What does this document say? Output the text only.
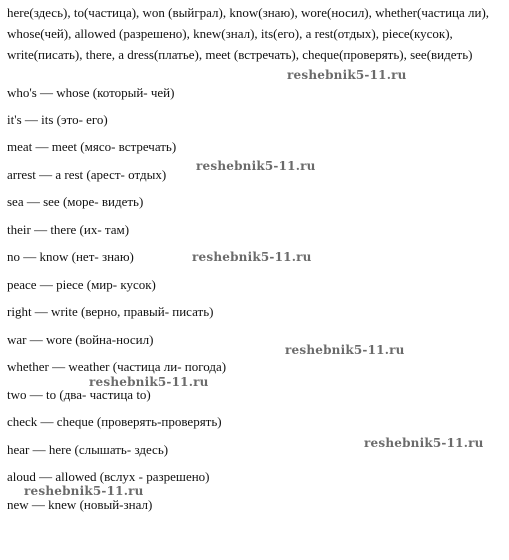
here(здесь), to(частица), won (выйграл), know(знаю), wore(носил), whether(частица ли), whose(чей), allowed (разрешено), knew(знал), its(его), a rest(отдых), piece(кусок), write(писать), there, a dress(платье), meet (встречать), cheque(проверять), see(видеть)

who's — whose (который- чей)
it's — its (это- его)
meat — meet (мясо- встречать)
arrest — a rest (арест- отдых)
sea — see (море- видеть)
their — there (их- там)
no — know (нет- знаю)
peace — piece (мир- кусок)
right — write (верно, правый- писать)
war — wore (война-носил)
whether — weather (частица ли- погода)
two — to (два- частица to)
check — cheque (проверять-проверять)
hear — here (слышать- здесь)
aloud — allowed (вслух - разрешено)
new — knew (новый-знал)
reshebnik5-11.ru
reshebnik5-11.ru
reshebnik5-11.ru
reshebnik5-11.ru
reshebnik5-11.ru
reshebnik5-11.ru
reshebnik5-11.ru
